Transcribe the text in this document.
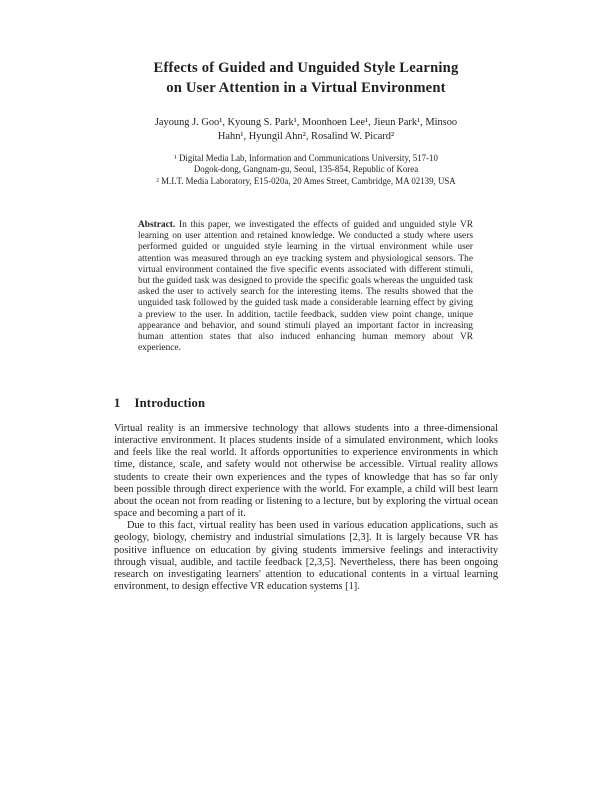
Effects of Guided and Unguided Style Learning
on User Attention in a Virtual Environment
Jayoung J. Goo¹, Kyoung S. Park¹, Moonhoen Lee¹, Jieun Park¹, Minsoo
Hahn¹, Hyungil Ahn², Rosalind W. Picard²
¹ Digital Media Lab, Information and Communications University, 517-10
Dogok-dong, Gangnam-gu, Seoul, 135-854, Republic of Korea
² M.I.T. Media Laboratory, E15-020a, 20 Ames Street, Cambridge, MA 02139, USA
Abstract. In this paper, we investigated the effects of guided and unguided style VR learning on user attention and retained knowledge. We conducted a study where users performed guided or unguided style learning in the virtual environment while user attention was measured through an eye tracking system and physiological sensors. The virtual environment contained the five specific events associated with different stimuli, but the guided task was designed to provide the specific goals whereas the unguided task asked the user to actively search for the interesting items. The results showed that the unguided task followed by the guided task made a considerable learning effect by giving a preview to the user. In addition, tactile feedback, sudden view point change, unique appearance and behavior, and sound stimuli played an important factor in increasing human attention states that also induced enhancing human memory about VR experience.
1 Introduction

Virtual reality is an immersive technology that allows students into a three-dimensional interactive environment. It places students inside of a simulated environment, which looks and feels like the real world. It affords opportunities to experience environments in which time, distance, scale, and safety would not otherwise be accessible. Virtual reality allows students to create their own experiences and the types of knowledge that has so far only been possible through direct experience with the world. For example, a child will best learn about the ocean not from reading or listening to a lecture, but by exploring the virtual ocean space and becoming a part of it.

Due to this fact, virtual reality has been used in various education applications, such as geology, biology, chemistry and industrial simulations [2,3]. It is largely because VR has positive influence on education by giving students immersive feelings and interactivity through visual, audible, and tactile feedback [2,3,5]. Nevertheless, there has been ongoing research on investigating learners' attention to educational contents in a virtual learning environment, to design effective VR education systems [1].
